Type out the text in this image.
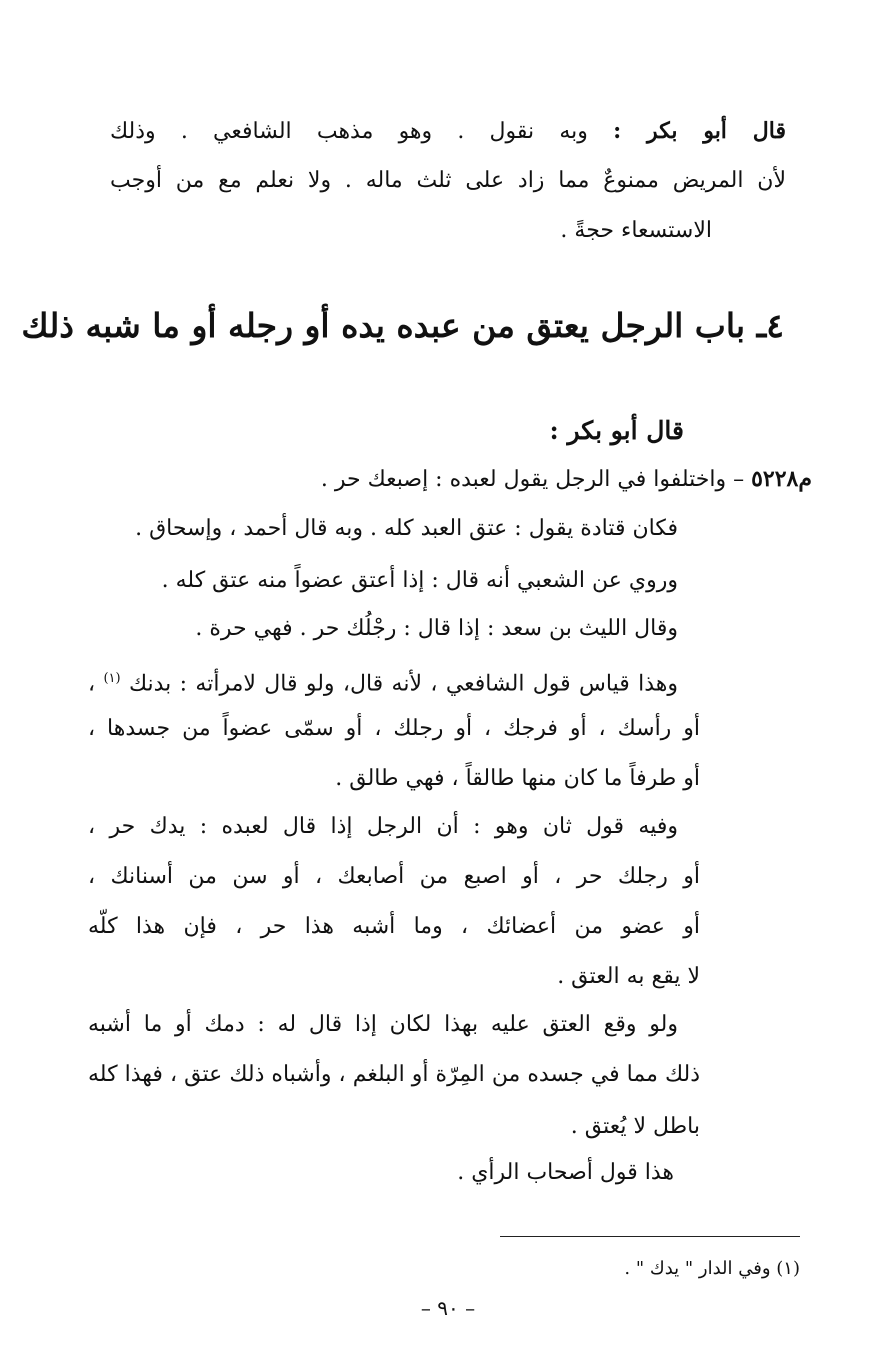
قال أبو بكر : وبه نقول . وهو مذهب الشافعي . وذلك
لأن المريض ممنوعٌ مما زاد على ثلث ماله . ولا نعلم مع من أوجب
الاستسعاء حجةً .
٤ـ باب الرجل يعتق من عبده يده أو رجله أو ما شبه ذلك
قال أبو بكر :
م٥٢٢٨ – واختلفوا في الرجل يقول لعبده : إصبعك حر .
فكان قتادة يقول : عتق العبد كله . وبه قال أحمد ، وإسحاق .
وروي عن الشعبي أنه قال : إذا أعتق عضواً منه عتق كله .
وقال الليث بن سعد : إذا قال : رجْلُك حر . فهي حرة .
وهذا قياس قول الشافعي ، لأنه قال، ولو قال لامرأته : بدنك $^{(١)}$ ،
أو رأسك ، أو فرجك ، أو رجلك ، أو سمّى عضواً من جسدها ،
أو طرفاً ما كان منها طالقاً ، فهي طالق .
وفيه قول ثان وهو : أن الرجل إذا قال لعبده : يدك حر ،
أو رجلك حر ، أو اصبع من أصابعك ، أو سن من أسنانك ،
أو عضو من أعضائك ، وما أشبه هذا حر ، فإن هذا كلّه
لا يقع به العتق .
ولو وقع العتق عليه بهذا لكان إذا قال له : دمك أو ما أشبه
ذلك مما في جسده من المِرّة أو البلغم ، وأشباه ذلك عتق ، فهذا كله
باطل لا يُعتق .
هذا قول أصحاب الرأي .
(١) وفي الدار " يدك " .
– ٩٠ –
